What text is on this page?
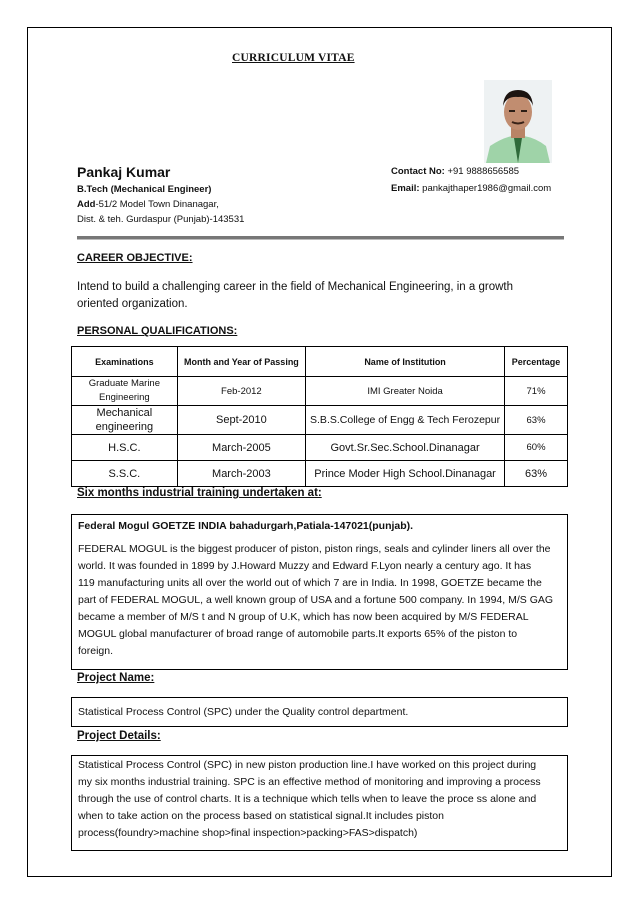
CURRICULUM VITAE
Pankaj Kumar
B.Tech (Mechanical Engineer)
Add-51/2 Model Town Dinanagar,
Dist. & teh. Gurdaspur (Punjab)-143531
Contact No: +91 9888656585
Email: pankajthaper1986@gmail.com
CAREER OBJECTIVE:
Intend to build a challenging career in the field of Mechanical Engineering, in a growth oriented organization.
PERSONAL QUALIFICATIONS:
Examinations	Month and Year of Passing	Name of Institution	Percentage
Graduate Marine Engineering	Feb-2012	IMI Greater Noida	71%
Mechanical engineering	Sept-2010	S.B.S.College of Engg & Tech Ferozepur	63%
H.S.C.	March-2005	Govt.Sr.Sec.School.Dinanagar	60%
S.S.C.	March-2003	Prince Moder High School.Dinanagar	63%
Six months industrial training undertaken at:
Federal Mogul GOETZE INDIA bahadurgarh,Patiala-147021(punjab).
FEDERAL MOGUL is the biggest producer of piston, piston rings, seals and cylinder liners all over the
world. It was founded in 1899 by J.Howard Muzzy and Edward F.Lyon nearly a century ago. It has
119 manufacturing units all over the world out of which 7 are in India. In 1998, GOETZE became the
part of FEDERAL MOGUL, a well known group of USA and a fortune 500 company. In 1994, M/S GAG
became a member of M/S t and N group of U.K, which has now been acquired by M/S FEDERAL
MOGUL global manufacturer of broad range of automobile parts.It exports 65% of the piston to
foreign.
Project Name:
Statistical Process Control (SPC) under the Quality control department.
Project Details:
Statistical Process Control (SPC) in new piston production line.I have worked on this project during
my six months industrial training. SPC is an effective method of monitoring and improving a process
through the use of control charts. It is a technique which tells when to leave the proce ss alone and
when to take action on the process based on statistical signal.It includes piston
process(foundry>machine shop>final inspection>packing>FAS>dispatch)
